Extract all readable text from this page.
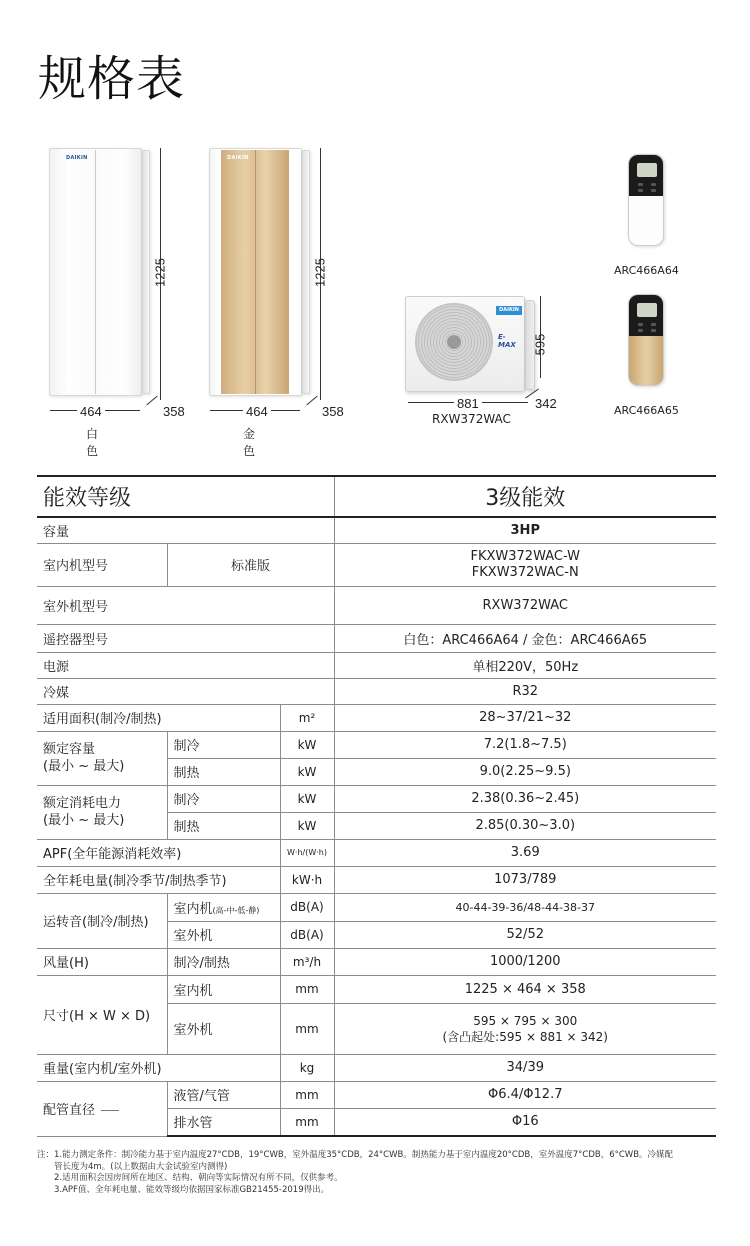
规格表
DAIKIN
1225
464	358
白色
DAIKIN
1225
464	358
金色
DAIKIN
E-MAX 595
881	342
RXW372WAC
ARC466A64
ARC466A65
能效等级			3级能效
容量			3HP
室内机型号	标准版		FKXW372WAC-W
FKXW372WAC-N

室外机型号			RXW372WAC
遥控器型号			白色：ARC466A64 / 金色：ARC466A65
电源			单相220V，50Hz
冷媒			R32
适用面积(制冷/制热)		m²	28~37/21~32

额定容量
(最小 ~ 最大)	制冷	kW	7.2(1.8~7.5)
	制热	kW	9.0(2.25~9.5)

额定消耗电力
(最小 ~ 最大)	制冷	kW	2.38(0.36~2.45)
	制热	kW	2.85(0.30~3.0)
APF(全年能源消耗效率)		W·h/(W·h)	3.69
全年耗电量(制冷季节/制热季节)		kW·h	1073/789
运转音(制冷/制热)	室内机(高-中-低-静)	dB(A)	40-44-39-36/48-44-38-37
	室外机	dB(A)	52/52
风量(H)	制冷/制热	m³/h	1000/1200
尺寸(H × W × D)	室内机	mm	1225 × 464 × 358
	室外机	mm	595 × 795 × 300
(含凸起处:595 × 881 × 342)

重量(室内机/室外机)		kg	34/39
配管直径	液管/气管	mm	Φ6.4/Φ12.7
	排水管	mm	Φ16
注：1.能力测定条件：制冷能力基于室内温度27°CDB，19°CWB，室外温度35°CDB，24°CWB。制热能力基于室内温度20°CDB，室外温度7°CDB，6°CWB。冷媒配
管长度为4m。(以上数据由大金试验室内测得)
2.适用面积会因房间所在地区、结构、朝向等实际情况有所不同，仅供参考。
3.APF值、全年耗电量、能效等级均依据国家标准GB21455-2019得出。
